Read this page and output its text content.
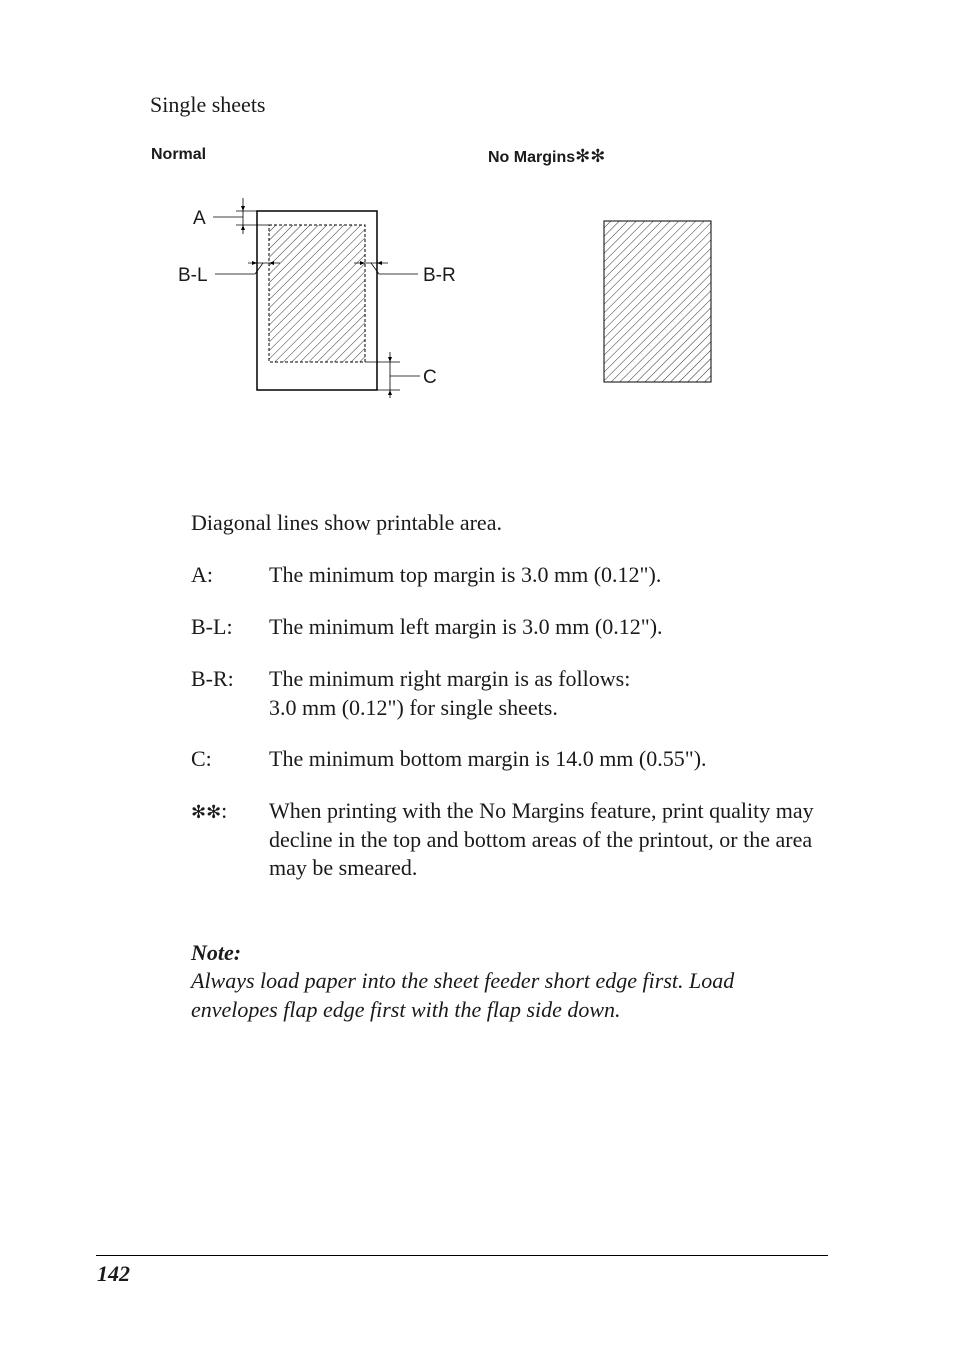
Single sheets
Normal	No Margins✻✻
A
B-L	B-R
C
Diagonal lines show printable area.
A:	The minimum top margin is 3.0 mm (0.12").
B-L: The minimum left margin is 3.0 mm (0.12").
B-R: The minimum right margin is as follows:
3.0 mm (0.12") for single sheets.
C:	The minimum bottom margin is 14.0 mm (0.55").
✻✻: When printing with the No Margins feature, print quality may decline in the top and bottom areas of the printout, or the area may be smeared.
Note:
Always load paper into the sheet feeder short edge first. Load envelopes flap edge first with the flap side down.
142
